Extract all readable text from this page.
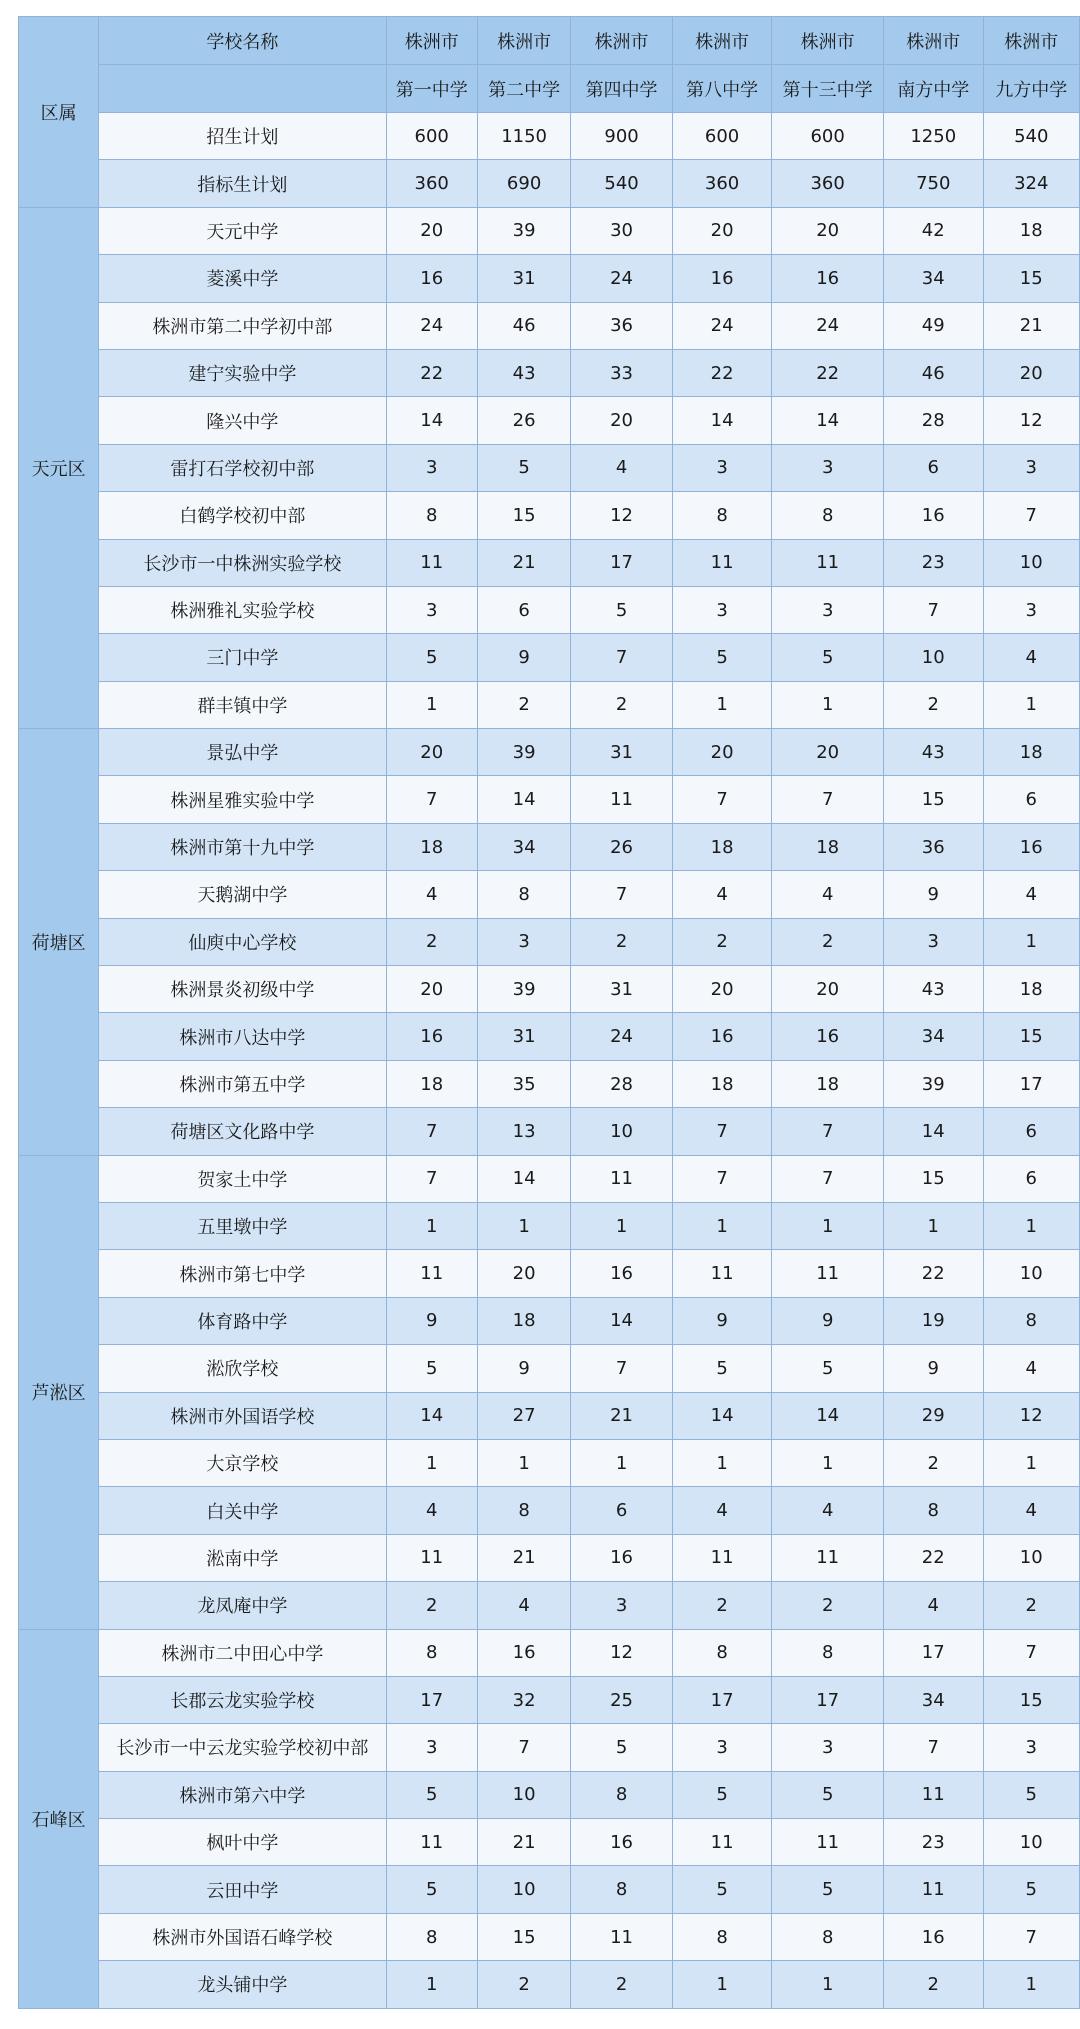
区属	学校名称	株洲市	株洲市	株洲市	株洲市	株洲市	株洲市	株洲市
		第一中学	第二中学	第四中学	第八中学	第十三中学	南方中学	九方中学
	招生计划	600	1150	900	600	600	1250	540
	指标生计划	360	690	540	360	360	750	324
天元区	天元中学	20	39	30	20	20	42	18
	菱溪中学	16	31	24	16	16	34	15
	株洲市第二中学初中部	24	46	36	24	24	49	21
	建宁实验中学	22	43	33	22	22	46	20
	隆兴中学	14	26	20	14	14	28	12
	雷打石学校初中部	3	5	4	3	3	6	3
	白鹤学校初中部	8	15	12	8	8	16	7
	长沙市一中株洲实验学校	11	21	17	11	11	23	10
	株洲雅礼实验学校	3	6	5	3	3	7	3
	三门中学	5	9	7	5	5	10	4
	群丰镇中学	1	2	2	1	1	2	1
荷塘区	景弘中学	20	39	31	20	20	43	18
	株洲星雅实验中学	7	14	11	7	7	15	6
	株洲市第十九中学	18	34	26	18	18	36	16
	天鹅湖中学	4	8	7	4	4	9	4
	仙庾中心学校	2	3	2	2	2	3	1
	株洲景炎初级中学	20	39	31	20	20	43	18
	株洲市八达中学	16	31	24	16	16	34	15
	株洲市第五中学	18	35	28	18	18	39	17
	荷塘区文化路中学	7	13	10	7	7	14	6
芦淞区	贺家土中学	7	14	11	7	7	15	6
	五里墩中学	1	1	1	1	1	1	1
	株洲市第七中学	11	20	16	11	11	22	10
	体育路中学	9	18	14	9	9	19	8
	淞欣学校	5	9	7	5	5	9	4
	株洲市外国语学校	14	27	21	14	14	29	12
	大京学校	1	1	1	1	1	2	1
	白关中学	4	8	6	4	4	8	4
	淞南中学	11	21	16	11	11	22	10
	龙凤庵中学	2	4	3	2	2	4	2
石峰区	株洲市二中田心中学	8	16	12	8	8	17	7
	长郡云龙实验学校	17	32	25	17	17	34	15
	长沙市一中云龙实验学校初中部	3	7	5	3	3	7	3
	株洲市第六中学	5	10	8	5	5	11	5
	枫叶中学	11	21	16	11	11	23	10
	云田中学	5	10	8	5	5	11	5
	株洲市外国语石峰学校	8	15	11	8	8	16	7
	龙头铺中学	1	2	2	1	1	2	1
